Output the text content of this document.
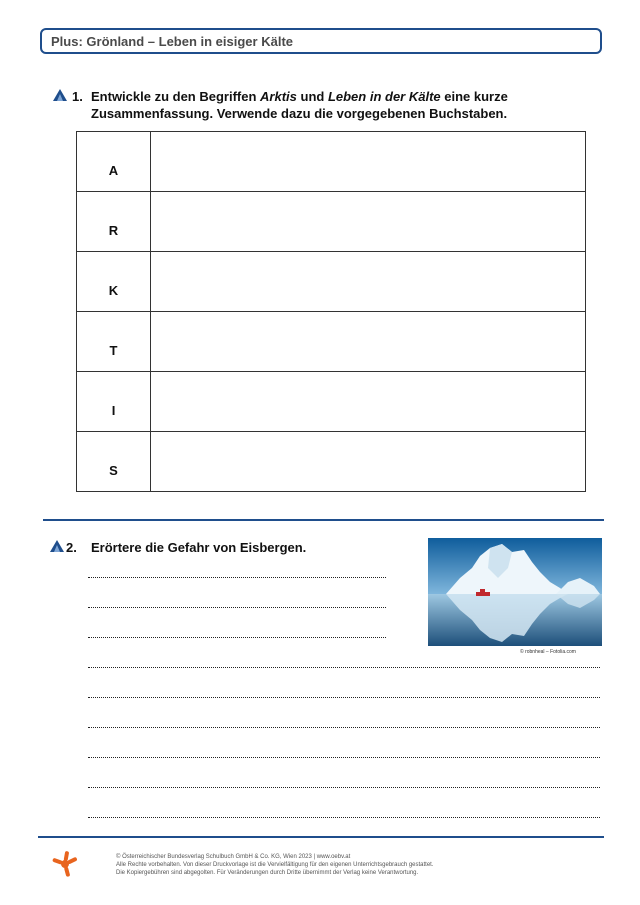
Plus: Grönland – Leben in eisiger Kälte
1. Entwickle zu den Begriffen Arktis und Leben in der Kälte eine kurze Zusammenfassung. Verwende dazu die vorgegebenen Buchstaben.
A	
R	
K	
T	
I	
S	
2. Erörtere die Gefahr von Eisbergen.
© robnheal – Fotolia.com
© Österreichischer Bundesverlag Schulbuch GmbH & Co. KG, Wien 2023 | www.oebv.at
Alle Rechte vorbehalten. Von dieser Druckvorlage ist die Vervielfältigung für den eigenen Unterrichtsgebrauch gestattet.
Die Kopiergebühren sind abgegolten. Für Veränderungen durch Dritte übernimmt der Verlag keine Verantwortung.
